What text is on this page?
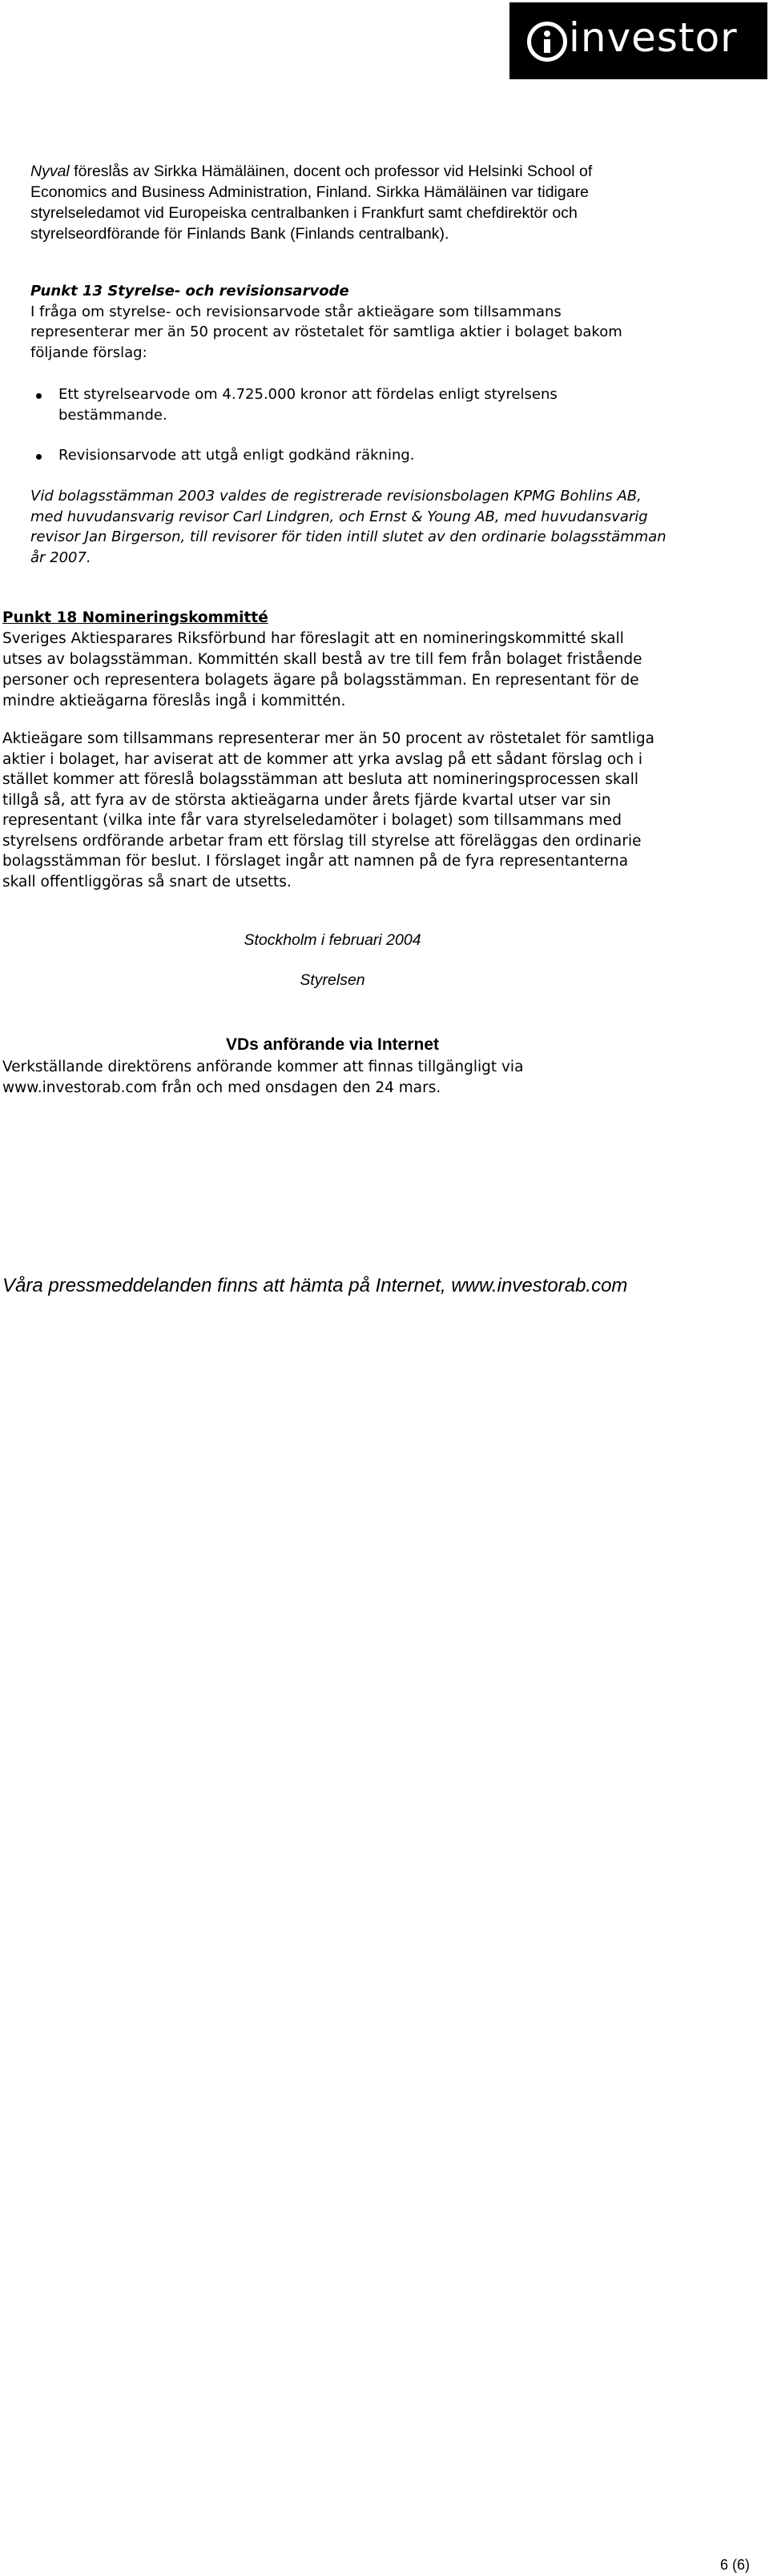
investor

Nyval föreslås av Sirkka Hämäläinen, docent och professor vid Helsinki School of Economics and Business Administration, Finland. Sirkka Hämäläinen var tidigare styrelseledamot vid Europeiska centralbanken i Frankfurt samt chefdirektör och styrelseordförande för Finlands Bank (Finlands centralbank).

Punkt 13 Styrelse- och revisionsarvode

I fråga om styrelse- och revisionsarvode står aktieägare som tillsammans representerar mer än 50 procent av röstetalet för samtliga aktier i bolaget bakom följande förslag:

Ett styrelsearvode om 4.725.000 kronor att fördelas enligt styrelsens bestämmande.
Revisionsarvode att utgå enligt godkänd räkning.
Vid bolagsstämman 2003 valdes de registrerade revisionsbolagen KPMG Bohlins AB, med huvudansvarig revisor Carl Lindgren, och Ernst & Young AB, med huvudansvarig revisor Jan Birgerson, till revisorer för tiden intill slutet av den ordinarie bolagsstämman år 2007.

Punkt 18 Nomineringskommitté

Sveriges Aktiesparares Riksförbund har föreslagit att en nomineringskommitté skall utses av bolagsstämman. Kommittén skall bestå av tre till fem från bolaget fristående personer och representera bolagets ägare på bolagsstämman. En representant för de mindre aktieägarna föreslås ingå i kommittén.

Aktieägare som tillsammans representerar mer än 50 procent av röstetalet för samtliga aktier i bolaget, har aviserat att de kommer att yrka avslag på ett sådant förslag och i stället kommer att föreslå bolagsstämman att besluta att nomineringsprocessen skall tillgå så, att fyra av de största aktieägarna under årets fjärde kvartal utser var sin representant (vilka inte får vara styrelseledamöter i bolaget) som tillsammans med styrelsens ordförande arbetar fram ett förslag till styrelse att föreläggas den ordinarie bolagsstämman för beslut. I förslaget ingår att namnen på de fyra representanterna skall offentliggöras så snart de utsetts.
Stockholm i februari 2004
Styrelsen
VDs anförande via Internet
Verkställande direktörens anförande kommer att finnas tillgängligt via www.investorab.com från och med onsdagen den 24 mars.
Våra pressmeddelanden finns att hämta på Internet, www.investorab.com
6 (6)
